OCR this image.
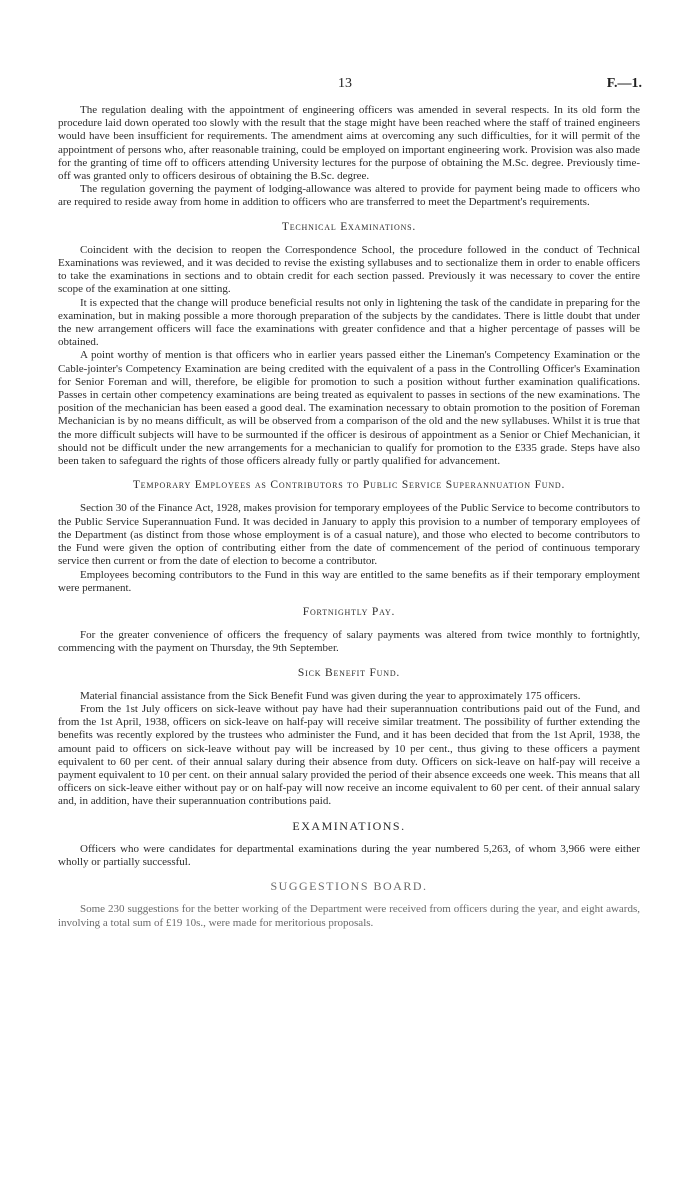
13	F.—1.

The regulation dealing with the appointment of engineering officers was amended in several respects. In its old form the procedure laid down operated too slowly with the result that the stage might have been reached where the staff of trained engineers would have been insufficient for requirements. The amendment aims at overcoming any such difficulties, for it will permit of the appointment of persons who, after reasonable training, could be employed on important engineering work. Provision was also made for the granting of time off to officers attending University lectures for the purpose of obtaining the M.Sc. degree. Previously time-off was granted only to officers desirous of obtaining the B.Sc. degree.

The regulation governing the payment of lodging-allowance was altered to provide for payment being made to officers who are required to reside away from home in addition to officers who are transferred to meet the Department's requirements.

Technical Examinations.

Coincident with the decision to reopen the Correspondence School, the procedure followed in the conduct of Technical Examinations was reviewed, and it was decided to revise the existing syllabuses and to sectionalize them in order to enable officers to take the examinations in sections and to obtain credit for each section passed. Previously it was necessary to cover the entire scope of the examination at one sitting.

It is expected that the change will produce beneficial results not only in lightening the task of the candidate in preparing for the examination, but in making possible a more thorough preparation of the subjects by the candidates. There is little doubt that under the new arrangement officers will face the examinations with greater confidence and that a higher percentage of passes will be obtained.

A point worthy of mention is that officers who in earlier years passed either the Lineman's Competency Examination or the Cable-jointer's Competency Examination are being credited with the equivalent of a pass in the Controlling Officer's Examination for Senior Foreman and will, therefore, be eligible for promotion to such a position without further examination qualifications. Passes in certain other competency examinations are being treated as equivalent to passes in sections of the new examinations. The position of the mechanician has been eased a good deal. The examination necessary to obtain promotion to the position of Foreman Mechanician is by no means difficult, as will be observed from a comparison of the old and the new syllabuses. Whilst it is true that the more difficult subjects will have to be surmounted if the officer is desirous of appointment as a Senior or Chief Mechanician, it should not be difficult under the new arrangements for a mechanician to qualify for promotion to the £335 grade. Steps have also been taken to safeguard the rights of those officers already fully or partly qualified for advancement.

Temporary Employees as Contributors to Public Service Superannuation Fund.

Section 30 of the Finance Act, 1928, makes provision for temporary employees of the Public Service to become contributors to the Public Service Superannuation Fund. It was decided in January to apply this provision to a number of temporary employees of the Department (as distinct from those whose employment is of a casual nature), and those who elected to become contributors to the Fund were given the option of contributing either from the date of commencement of the period of continuous temporary service then current or from the date of election to become a contributor.

Employees becoming contributors to the Fund in this way are entitled to the same benefits as if their temporary employment were permanent.

Fortnightly Pay.

For the greater convenience of officers the frequency of salary payments was altered from twice monthly to fortnightly, commencing with the payment on Thursday, the 9th September.

Sick Benefit Fund.

Material financial assistance from the Sick Benefit Fund was given during the year to approximately 175 officers.

From the 1st July officers on sick-leave without pay have had their superannuation contributions paid out of the Fund, and from the 1st April, 1938, officers on sick-leave on half-pay will receive similar treatment. The possibility of further extending the benefits was recently explored by the trustees who administer the Fund, and it has been decided that from the 1st April, 1938, the amount paid to officers on sick-leave without pay will be increased by 10 per cent., thus giving to these officers a payment equivalent to 60 per cent. of their annual salary during their absence from duty. Officers on sick-leave on half-pay will receive a payment equivalent to 10 per cent. on their annual salary provided the period of their absence exceeds one week. This means that all officers on sick-leave either without pay or on half-pay will now receive an income equivalent to 60 per cent. of their annual salary and, in addition, have their superannuation contributions paid.

EXAMINATIONS.

Officers who were candidates for departmental examinations during the year numbered 5,263, of whom 3,966 were either wholly or partially successful.

SUGGESTIONS BOARD.

Some 230 suggestions for the better working of the Department were received from officers during the year, and eight awards, involving a total sum of £19 10s., were made for meritorious proposals.
